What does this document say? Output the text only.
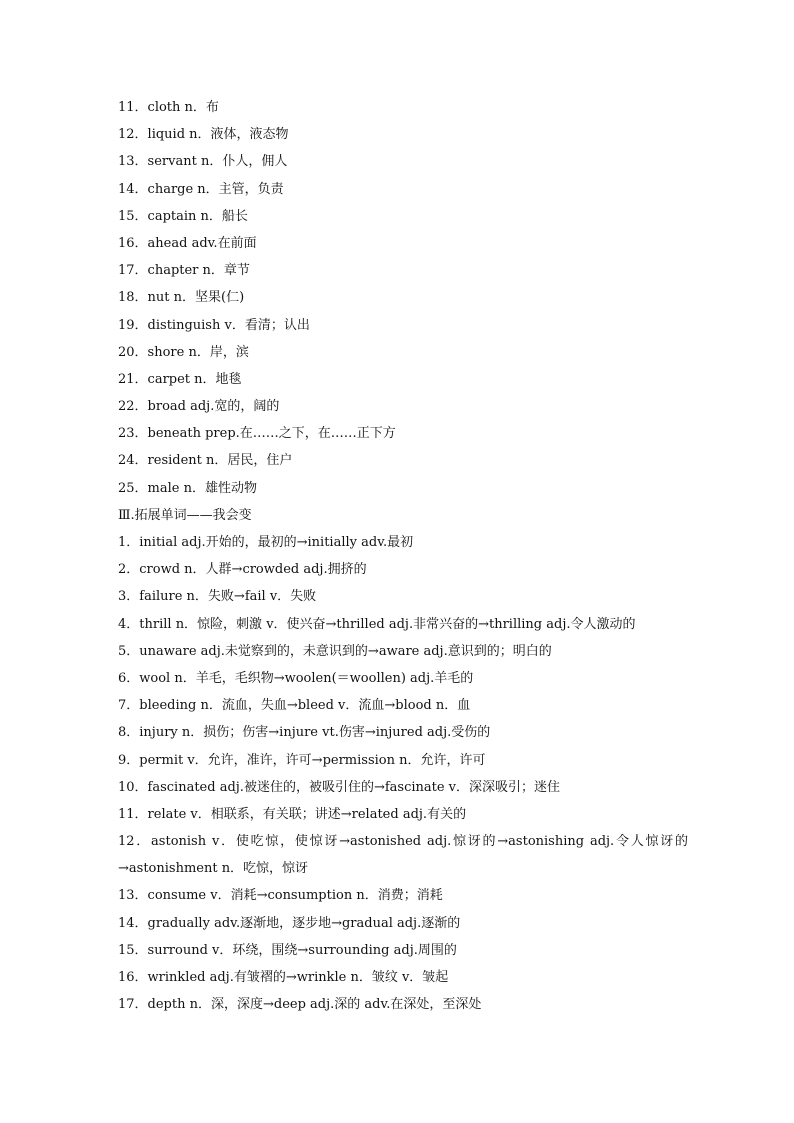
11．cloth n．布
12．liquid n．液体，液态物
13．servant n．仆人，佣人
14．charge n．主管，负责
15．captain n．船长
16．ahead adv.在前面
17．chapter n．章节
18．nut n．坚果(仁)
19．distinguish v．看清；认出
20．shore n．岸，滨
21．carpet n．地毯
22．broad adj.宽的，阔的
23．beneath prep.在……之下，在……正下方
24．resident n．居民，住户
25．male n．雄性动物
Ⅲ.拓展单词——我会变
1．initial adj.开始的，最初的→initially adv.最初
2．crowd n．人群→crowded adj.拥挤的
3．failure n．失败→fail v．失败
4．thrill n．惊险，刺激 v．使兴奋→thrilled adj.非常兴奋的→thrilling adj.令人激动的
5．unaware adj.未觉察到的，未意识到的→aware adj.意识到的；明白的
6．wool n．羊毛，毛织物→woolen(＝woollen) adj.羊毛的
7．bleeding n．流血，失血→bleed v．流血→blood n．血
8．injury n．损伤；伤害→injure vt.伤害→injured adj.受伤的
9．permit v．允许，准许，许可→permission n．允许，许可
10．fascinated adj.被迷住的，被吸引住的→fascinate v．深深吸引；迷住
11．relate v．相联系，有关联；讲述→related adj.有关的
12．astonish v．使吃惊，使惊讶→astonished adj.惊讶的→astonishing adj.令人惊讶的→astonishment n．吃惊，惊讶
13．consume v．消耗→consumption n．消费；消耗
14．gradually adv.逐渐地，逐步地→gradual adj.逐渐的
15．surround v．环绕，围绕→surrounding adj.周围的
16．wrinkled adj.有皱褶的→wrinkle n．皱纹 v．皱起
17．depth n．深，深度→deep adj.深的 adv.在深处，至深处
